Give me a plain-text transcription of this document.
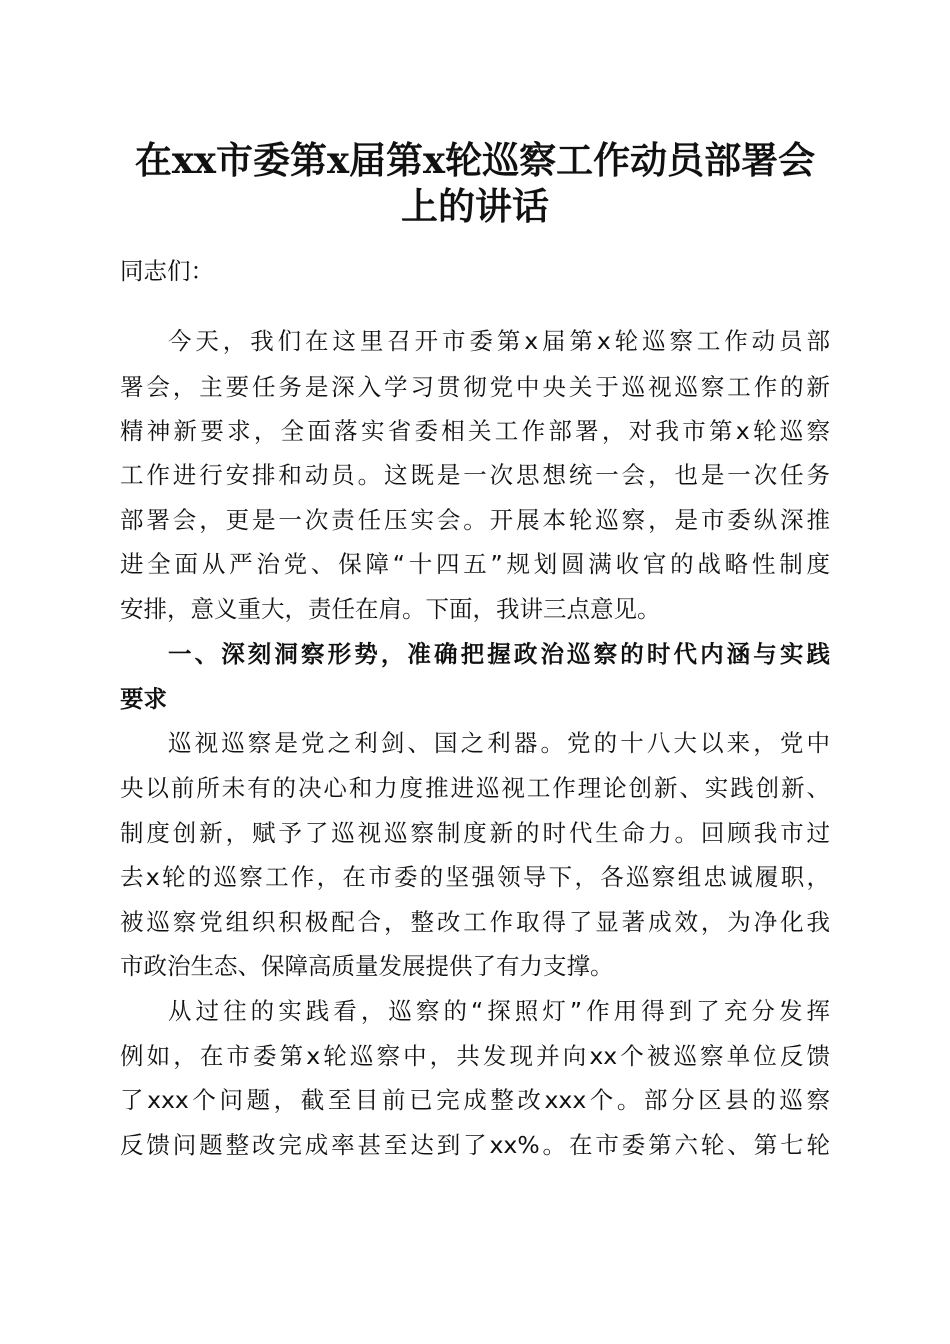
在xx市委第x届第x轮巡察工作动员部署会
上的讲话

同志们：

今天，我们在这里召开市委第x届第x轮巡察工作动员部

署会，主要任务是深入学习贯彻党中央关于巡视巡察工作的新

精神新要求，全面落实省委相关工作部署，对我市第x轮巡察

工作进行安排和动员。这既是一次思想统一会，也是一次任务

部署会，更是一次责任压实会。开展本轮巡察，是市委纵深推

进全面从严治党、保障“十四五”规划圆满收官的战略性制度

安排，意义重大，责任在肩。下面，我讲三点意见。

一、深刻洞察形势，准确把握政治巡察的时代内涵与实践

要求

巡视巡察是党之利剑、国之利器。党的十八大以来，党中

央以前所未有的决心和力度推进巡视工作理论创新、实践创新、

制度创新，赋予了巡视巡察制度新的时代生命力。回顾我市过

去x轮的巡察工作，在市委的坚强领导下，各巡察组忠诚履职，

被巡察党组织积极配合，整改工作取得了显著成效，为净化我

市政治生态、保障高质量发展提供了有力支撑。

从过往的实践看，巡察的“探照灯”作用得到了充分发挥

例如，在市委第x轮巡察中，共发现并向xx个被巡察单位反馈

了xxx个问题，截至目前已完成整改xxx个。部分区县的巡察

反馈问题整改完成率甚至达到了xx%。在市委第六轮、第七轮
